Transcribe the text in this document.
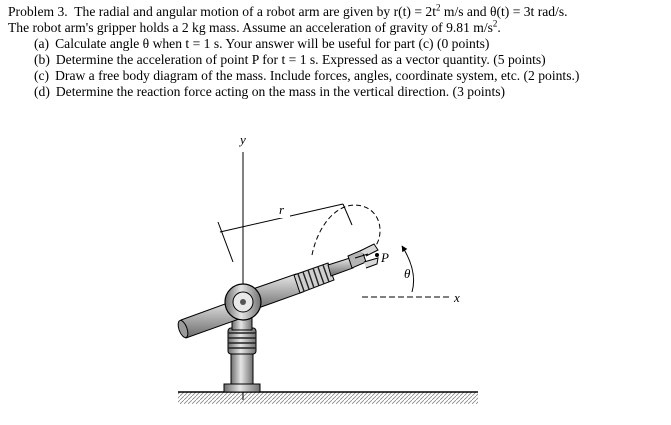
Problem 3. The radial and angular motion of a robot arm are given by $r(t) = 2t^2$ m/s and θ(t) = 3t rad/s.
The robot arm's gripper holds a 2 kg mass. Assume an acceleration of gravity of 9.81 $m/s^2$.
(a) Calculate angle θ when t = 1 s. Your answer will be useful for part (c) (0 points)
(b) Determine the acceleration of point P for t = 1 s. Expressed as a vector quantity. (5 points)
(c) Draw a free body diagram of the mass. Include forces, angles, coordinate system, etc. (2 points.)
(d) Determine the reaction force acting on the mass in the vertical direction. (3 points)
y
x
r
θ
P
